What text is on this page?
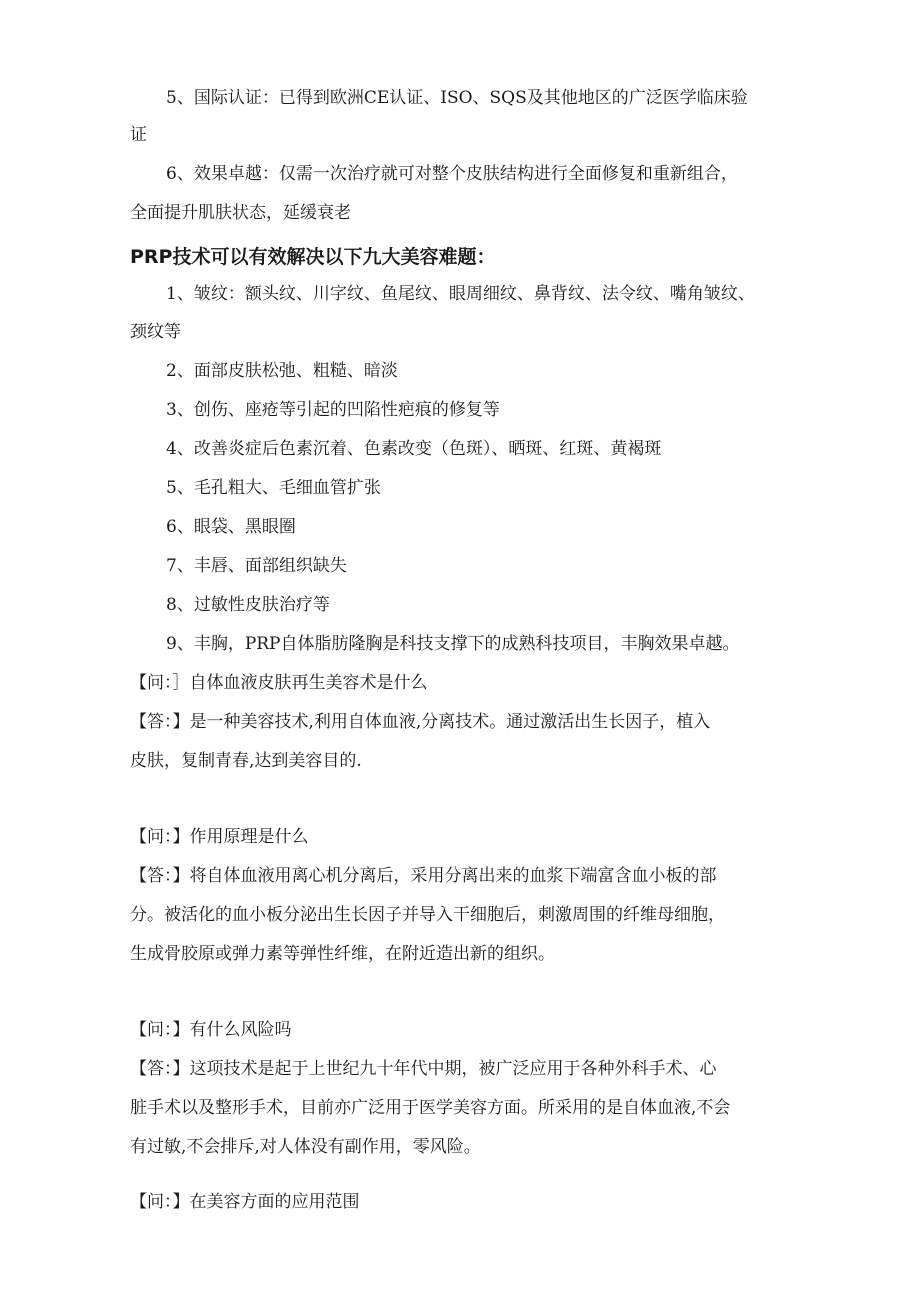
5、国际认证：已得到欧洲CE认证、ISO、SQS及其他地区的广泛医学临床验
证
6、效果卓越：仅需一次治疗就可对整个皮肤结构进行全面修复和重新组合，
全面提升肌肤状态，延缓衰老
PRP技术可以有效解决以下九大美容难题：
1、皱纹：额头纹、川字纹、鱼尾纹、眼周细纹、鼻背纹、法令纹、嘴角皱纹、
颈纹等
2、面部皮肤松弛、粗糙、暗淡
3、创伤、座疮等引起的凹陷性疤痕的修复等
4、改善炎症后色素沉着、色素改变（色斑）、晒斑、红斑、黄褐斑
5、毛孔粗大、毛细血管扩张
6、眼袋、黑眼圈
7、丰唇、面部组织缺失
8、过敏性皮肤治疗等
9、丰胸，PRP自体脂肪隆胸是科技支撑下的成熟科技项目，丰胸效果卓越。
【问：］自体血液皮肤再生美容术是什么
【答：】是一种美容技术,利用自体血液,分离技术。通过激活出生长因子，植入
皮肤，复制青春,达到美容目的.
【问：】作用原理是什么
【答：】将自体血液用离心机分离后，采用分离出来的血浆下端富含血小板的部
分。被活化的血小板分泌出生长因子并导入干细胞后，刺激周围的纤维母细胞，
生成骨胶原或弹力素等弹性纤维，在附近造出新的组织。
【问：】有什么风险吗
【答：】这项技术是起于上世纪九十年代中期，被广泛应用于各种外科手术、心
脏手术以及整形手术，目前亦广泛用于医学美容方面。所采用的是自体血液,不会
有过敏,不会排斥,对人体没有副作用，零风险。
【问：】在美容方面的应用范围
